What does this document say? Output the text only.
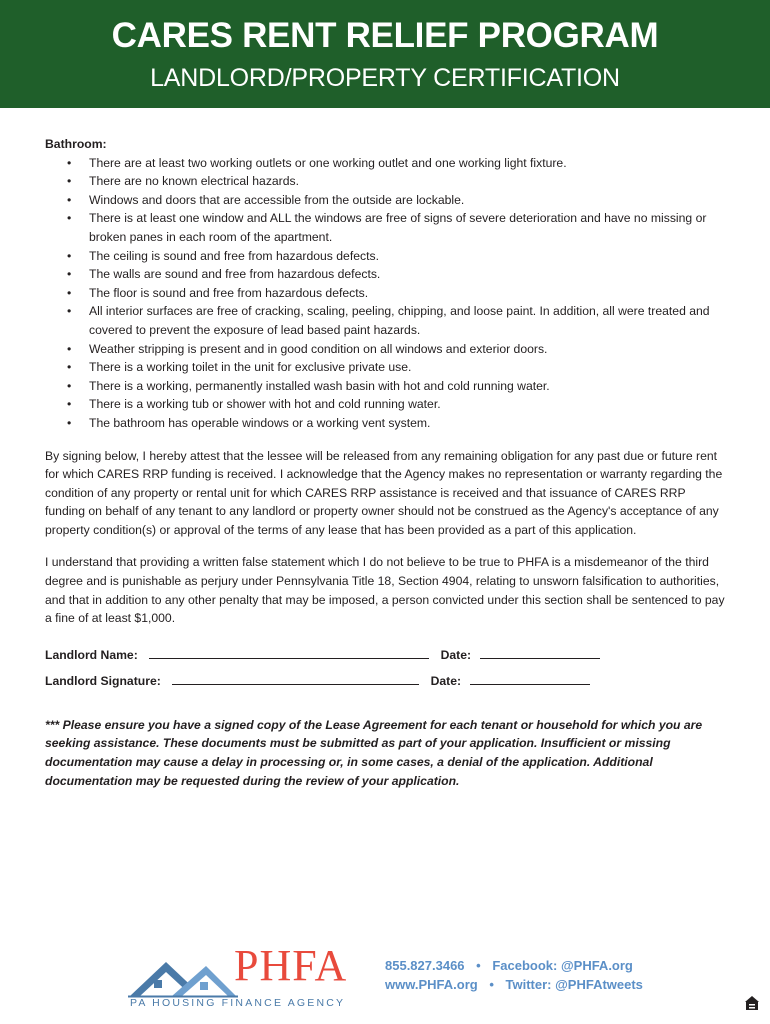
CARES RENT RELIEF PROGRAM
LANDLORD/PROPERTY CERTIFICATION
Bathroom:
• There are at least two working outlets or one working outlet and one working light fixture.
• There are no known electrical hazards.
• Windows and doors that are accessible from the outside are lockable.
• There is at least one window and ALL the windows are free of signs of severe deterioration and have no missing or broken panes in each room of the apartment.
• The ceiling is sound and free from hazardous defects.
• The walls are sound and free from hazardous defects.
• The floor is sound and free from hazardous defects.
• All interior surfaces are free of cracking, scaling, peeling, chipping, and loose paint. In addition, all were treated and covered to prevent the exposure of lead based paint hazards.
• Weather stripping is present and in good condition on all windows and exterior doors.
• There is a working toilet in the unit for exclusive private use.
• There is a working, permanently installed wash basin with hot and cold running water.
• There is a working tub or shower with hot and cold running water.
• The bathroom has operable windows or a working vent system.

By signing below, I hereby attest that the lessee will be released from any remaining obligation for any past due or future rent for which CARES RRP funding is received. I acknowledge that the Agency makes no representation or warranty regarding the condition of any property or rental unit for which CARES RRP assistance is received and that issuance of CARES RRP funding on behalf of any tenant to any landlord or property owner should not be construed as the Agency's acceptance of any property condition(s) or approval of the terms of any lease that has been provided as a part of this application.

I understand that providing a written false statement which I do not believe to be true to PHFA is a misdemeanor of the third degree and is punishable as perjury under Pennsylvania Title 18, Section 4904, relating to unsworn falsification to authorities, and that in addition to any other penalty that may be imposed, a person convicted under this section shall be sentenced to pay a fine of at least $1,000.

Landlord Name:	Date:
Landlord Signature:	Date:
*** Please ensure you have a signed copy of the Lease Agreement for each tenant or household for which you are seeking assistance. These documents must be submitted as part of your application. Insufficient or missing documentation may cause a delay in processing or, in some cases, a denial of the application. Additional documentation may be requested during the review of your application.
PHFA
PA HOUSING FINANCE AGENCY
855.827.3466 • Facebook: @PHFA.org
www.PHFA.org • Twitter: @PHFAtweets
